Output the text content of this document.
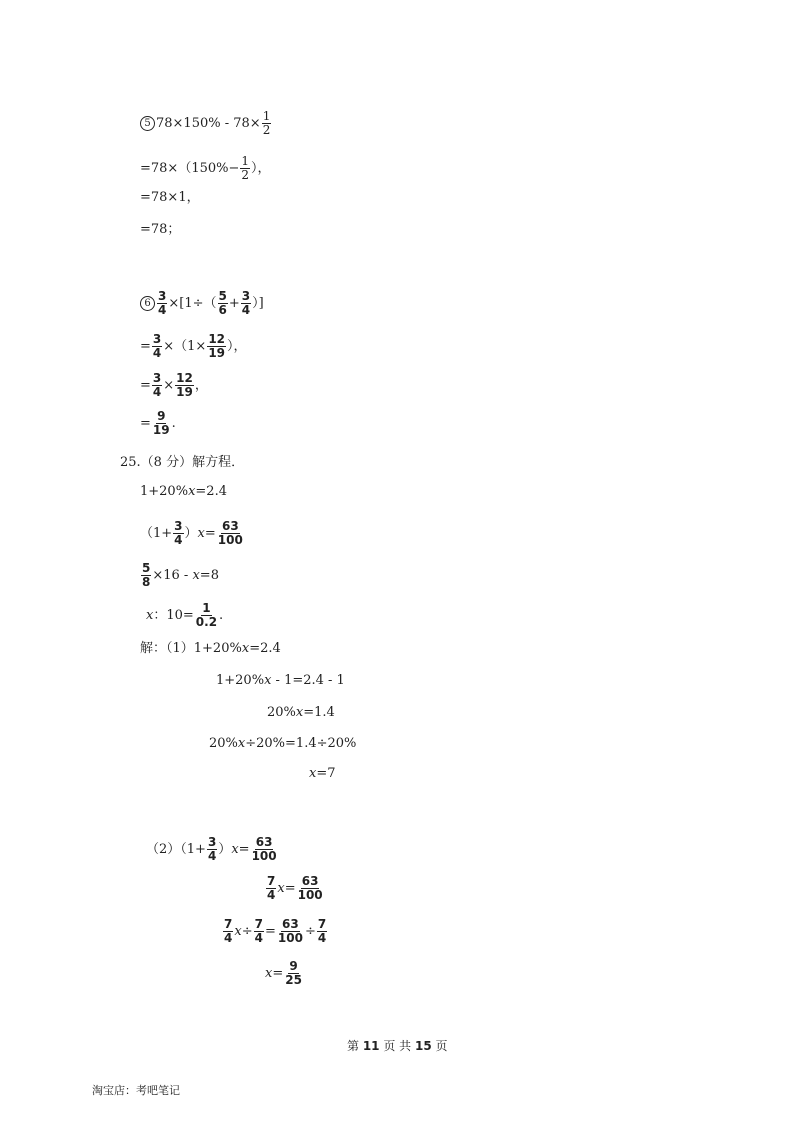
5 $78\times 150\% - 78\times \frac{1}{2}$
$=78\times(150\%- \frac{1}{2}$ ），
=78×1，
=78；
$6 \frac{3}{4} \times[1\div( \frac{5}{6} + \frac{3}{4}$ ）]
= $\frac{3}{4} \times(1\times \frac{12}{19}$ ），
= $\frac{3}{4} \times \frac{12}{19}$ ，
= $\frac{9}{19}$ .
25.（8 分）解方程．
1+20%x=2.4
$(1+ \frac{3}{4} )x= \frac{63}{100}$
$\frac{5}{8} \times 16 - x=8$
x：$10= \frac{1}{0.2}$ .
解：（1）1+20%x=2.4
1+20%x - 1=2.4 - 1
20%x=1.4
20%x÷20%=1.4÷20%
x=7
$(2)(1+ \frac{3}{4} )x= \frac{63}{100}$
$\frac{7}{4} x= \frac{63}{100}$
$\frac{7}{4} x\div \frac{7}{4} = \frac{63}{100} \div \frac{7}{4}$
$x= \frac{9}{25}$
第 11 页 共 15 页
淘宝店：考吧笔记
